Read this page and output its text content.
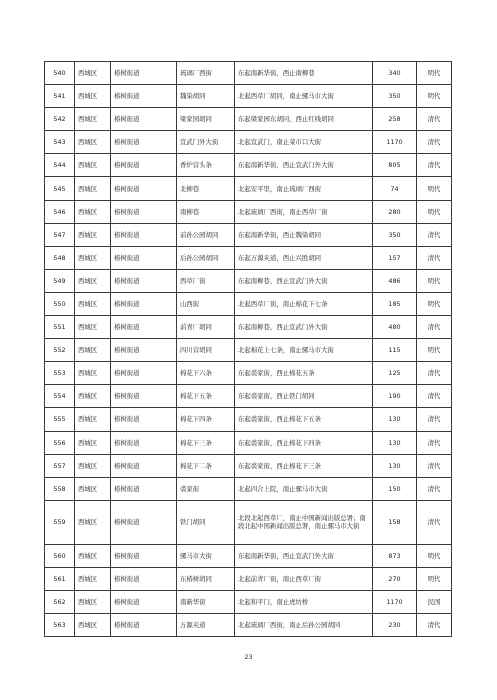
540	西城区	椿树街道	琉璃厂西街	东起南新华街，西止南柳巷	340	明代
541	西城区	椿树街道	魏染胡同	北起西草厂胡同，南止骡马市大街	350	明代
542	西城区	椿树街道	梁家园胡同	东起梁家园东胡同，西止红线胡同	258	清代
543	西城区	椿树街道	宣武门外大街	北起宣武门，南止菜市口大街	1170	清代
544	西城区	椿树街道	香炉营头条	东起南新华街，西止宣武门外大街	805	清代
545	西城区	椿树街道	北柳巷	北起安平里，南止琉璃厂西街	74	明代
546	西城区	椿树街道	南柳巷	北起琉璃厂西街，南止西草厂街	280	明代
547	西城区	椿树街道	前孙公园胡同	东起南新华街，西止魏染胡同	350	清代
548	西城区	椿树街道	后孙公园胡同	东起万源夹道，西止兴胜胡同	157	清代
549	西城区	椿树街道	西草厂街	东起南柳巷，西止宣武门外大街	486	明代
550	西城区	椿树街道	山西街	北起西草厂街，南止棉花下七条	185	明代
551	西城区	椿树街道	前青厂胡同	东起南柳巷，西止宣武门外大街	480	清代
552	西城区	椿树街道	四川营胡同	北起棉花上七条，南止骡马市大街	115	明代
553	西城区	椿树街道	棉花下六条	东起裘家街，西止棉花五条	125	清代
554	西城区	椿树街道	棉花下五条	东起裘家街，西止铁门胡同	190	清代
555	西城区	椿树街道	棉花下四条	东起裘家街，西止棉花下五条	130	清代
556	西城区	椿树街道	棉花下三条	东起裘家街，西止棉花下四条	130	清代
557	西城区	椿树街道	棉花下二条	东起裘家街，西止棉花下三条	130	清代
558	西城区	椿树街道	裘家街	北起四合上院，南止骡马市大街	150	清代
559	西城区	椿树街道	铁门胡同	北段北起西草厂，南止中国新闻出版总署；南段北起中国新闻出版总署，南止骡马市大街	158	清代
560	西城区	椿树街道	骡马市大街	东起南新华街，西止宣武门外大街	873	明代
561	西城区	椿树街道	东椿树胡同	北起前青厂街，南止西草厂街	270	明代
562	西城区	椿树街道	南新华街	北起和平门，南止虎坊桥	1170	民国
563	西城区	椿树街道	万源夹道	北起琉璃厂西街，南止后孙公园胡同	230	清代
23
